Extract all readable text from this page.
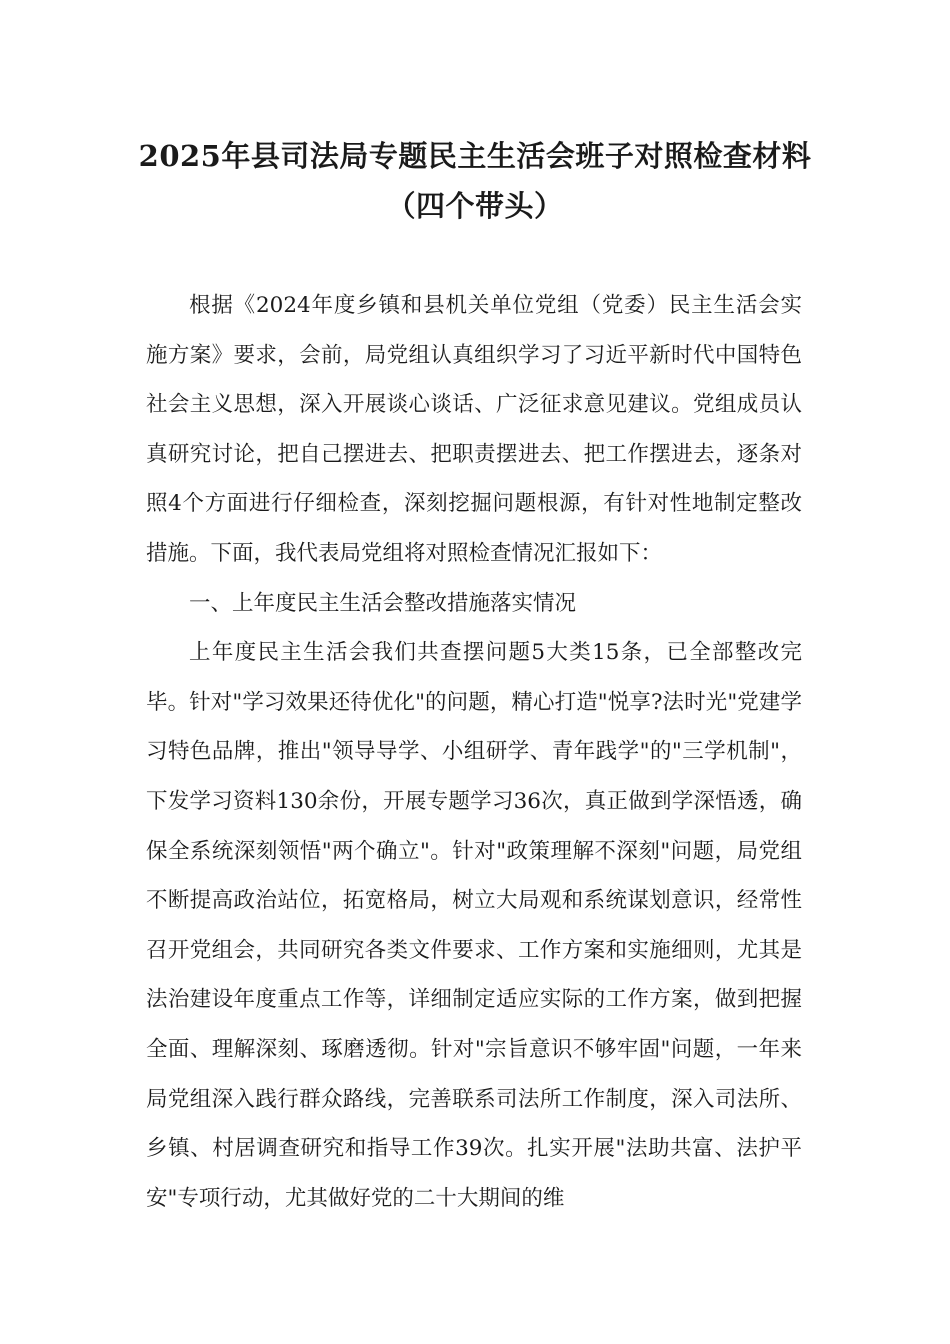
2025年县司法局专题民主生活会班子对照检查材料
（四个带头）

根据《2024年度乡镇和县机关单位党组（党委）民主生活会实施方案》要求，会前，局党组认真组织学习了习近平新时代中国特色社会主义思想，深入开展谈心谈话、广泛征求意见建议。党组成员认真研究讨论，把自己摆进去、把职责摆进去、把工作摆进去，逐条对照4个方面进行仔细检查，深刻挖掘问题根源，有针对性地制定整改措施。下面，我代表局党组将对照检查情况汇报如下：

一、上年度民主生活会整改措施落实情况

上年度民主生活会我们共查摆问题5大类15条，已全部整改完毕。针对"学习效果还待优化"的问题，精心打造"悦享?法时光"党建学习特色品牌，推出"领导导学、小组研学、青年践学"的"三学机制"，下发学习资料130余份，开展专题学习36次，真正做到学深悟透，确保全系统深刻领悟"两个确立"。针对"政策理解不深刻"问题，局党组不断提高政治站位，拓宽格局，树立大局观和系统谋划意识，经常性召开党组会，共同研究各类文件要求、工作方案和实施细则，尤其是法治建设年度重点工作等，详细制定适应实际的工作方案，做到把握全面、理解深刻、琢磨透彻。针对"宗旨意识不够牢固"问题，一年来局党组深入践行群众路线，完善联系司法所工作制度，深入司法所、乡镇、村居调查研究和指导工作39次。扎实开展"法助共富、法护平安"专项行动，尤其做好党的二十大期间的维
